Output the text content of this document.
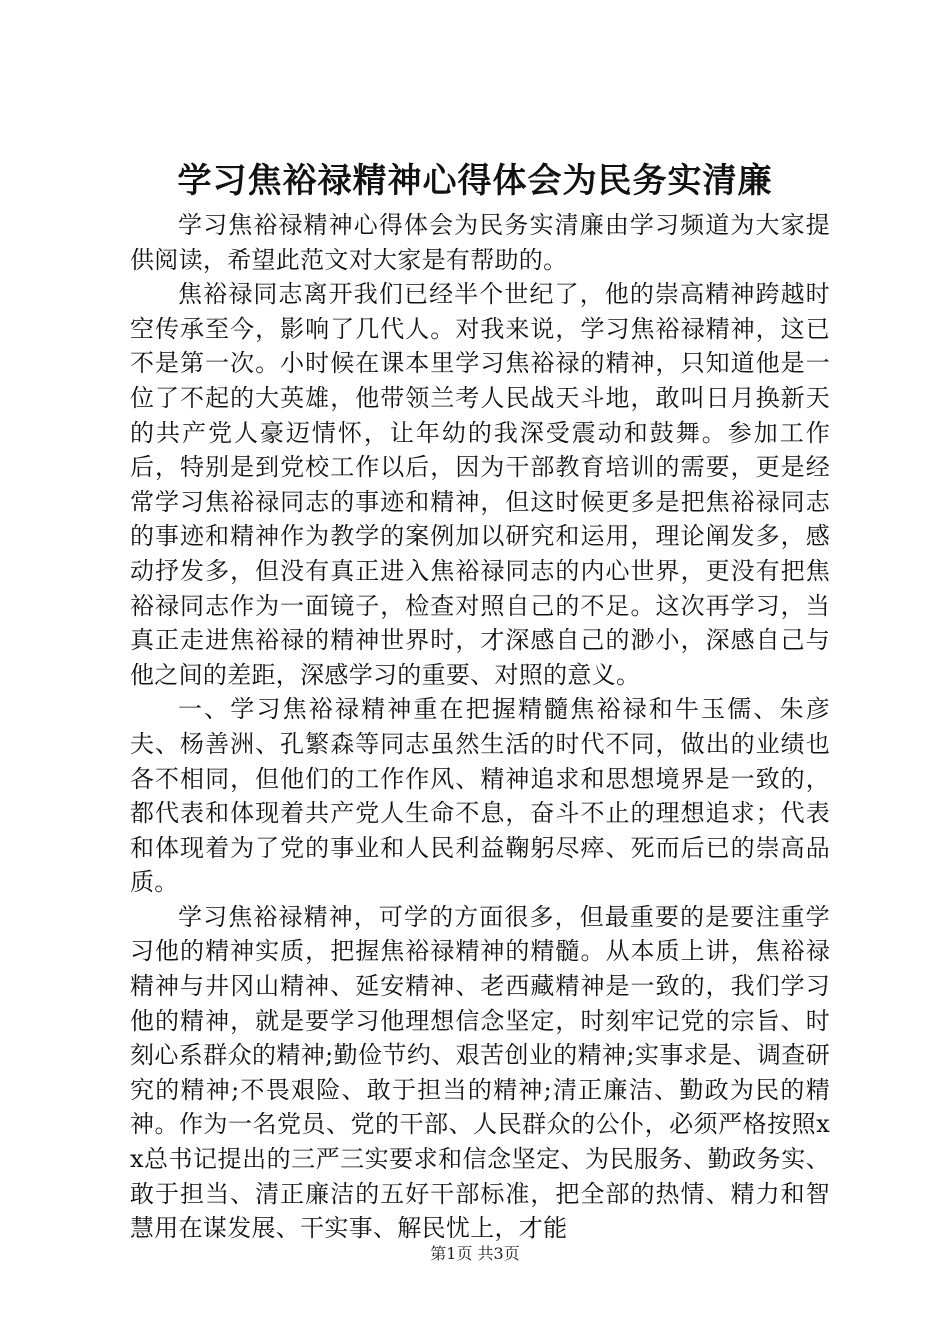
学习焦裕禄精神心得体会为民务实清廉

学习焦裕禄精神心得体会为民务实清廉由学习频道为大家提供阅读，希望此范文对大家是有帮助的。

焦裕禄同志离开我们已经半个世纪了，他的崇高精神跨越时空传承至今，影响了几代人。对我来说，学习焦裕禄精神，这已不是第一次。小时候在课本里学习焦裕禄的精神，只知道他是一位了不起的大英雄，他带领兰考人民战天斗地，敢叫日月换新天的共产党人豪迈情怀，让年幼的我深受震动和鼓舞。参加工作后，特别是到党校工作以后，因为干部教育培训的需要，更是经常学习焦裕禄同志的事迹和精神，但这时候更多是把焦裕禄同志的事迹和精神作为教学的案例加以研究和运用，理论阐发多，感动抒发多，但没有真正进入焦裕禄同志的内心世界，更没有把焦裕禄同志作为一面镜子，检查对照自己的不足。这次再学习，当真正走进焦裕禄的精神世界时，才深感自己的渺小，深感自己与他之间的差距，深感学习的重要、对照的意义。

一、学习焦裕禄精神重在把握精髓焦裕禄和牛玉儒、朱彦夫、杨善洲、孔繁森等同志虽然生活的时代不同，做出的业绩也各不相同，但他们的工作作风、精神追求和思想境界是一致的，都代表和体现着共产党人生命不息，奋斗不止的理想追求；代表和体现着为了党的事业和人民利益鞠躬尽瘁、死而后已的崇高品质。

学习焦裕禄精神，可学的方面很多，但最重要的是要注重学习他的精神实质，把握焦裕禄精神的精髓。从本质上讲，焦裕禄精神与井冈山精神、延安精神、老西藏精神是一致的，我们学习他的精神，就是要学习他理想信念坚定，时刻牢记党的宗旨、时刻心系群众的精神;勤俭节约、艰苦创业的精神;实事求是、调查研究的精神;不畏艰险、敢于担当的精神;清正廉洁、勤政为民的精神。作为一名党员、党的干部、人民群众的公仆，必须严格按照xx总书记提出的三严三实要求和信念坚定、为民服务、勤政务实、敢于担当、清正廉洁的五好干部标准，把全部的热情、精力和智慧用在谋发展、干实事、解民忧上，才能

第1页 共3页
